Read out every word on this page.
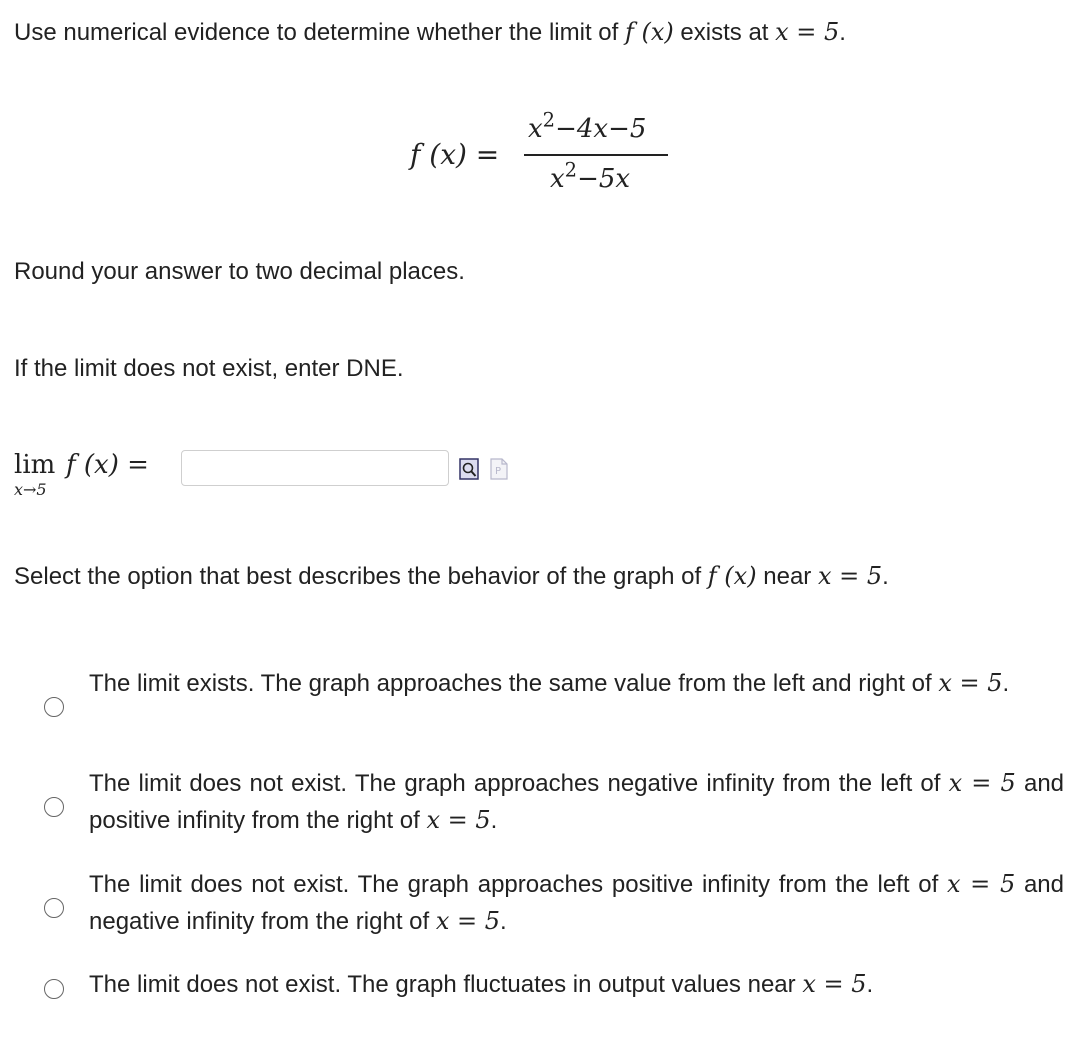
Use numerical evidence to determine whether the limit of f (x) exists at x = 5.
f (x) =
$x^2-4x-5$
$x^2-5x$
Round your answer to two decimal places.
If the limit does not exist, enter DNE.
lim
x→5
f (x) =	P
Select the option that best describes the behavior of the graph of f (x) near x = 5.
The limit exists. The graph approaches the same value from the left and right of x = 5.
The limit does not exist. The graph approaches negative infinity from the left of x = 5 and positive infinity from the right of x = 5.
The limit does not exist. The graph approaches positive infinity from the left of x = 5 and negative infinity from the right of x = 5.
The limit does not exist. The graph fluctuates in output values near x = 5.
